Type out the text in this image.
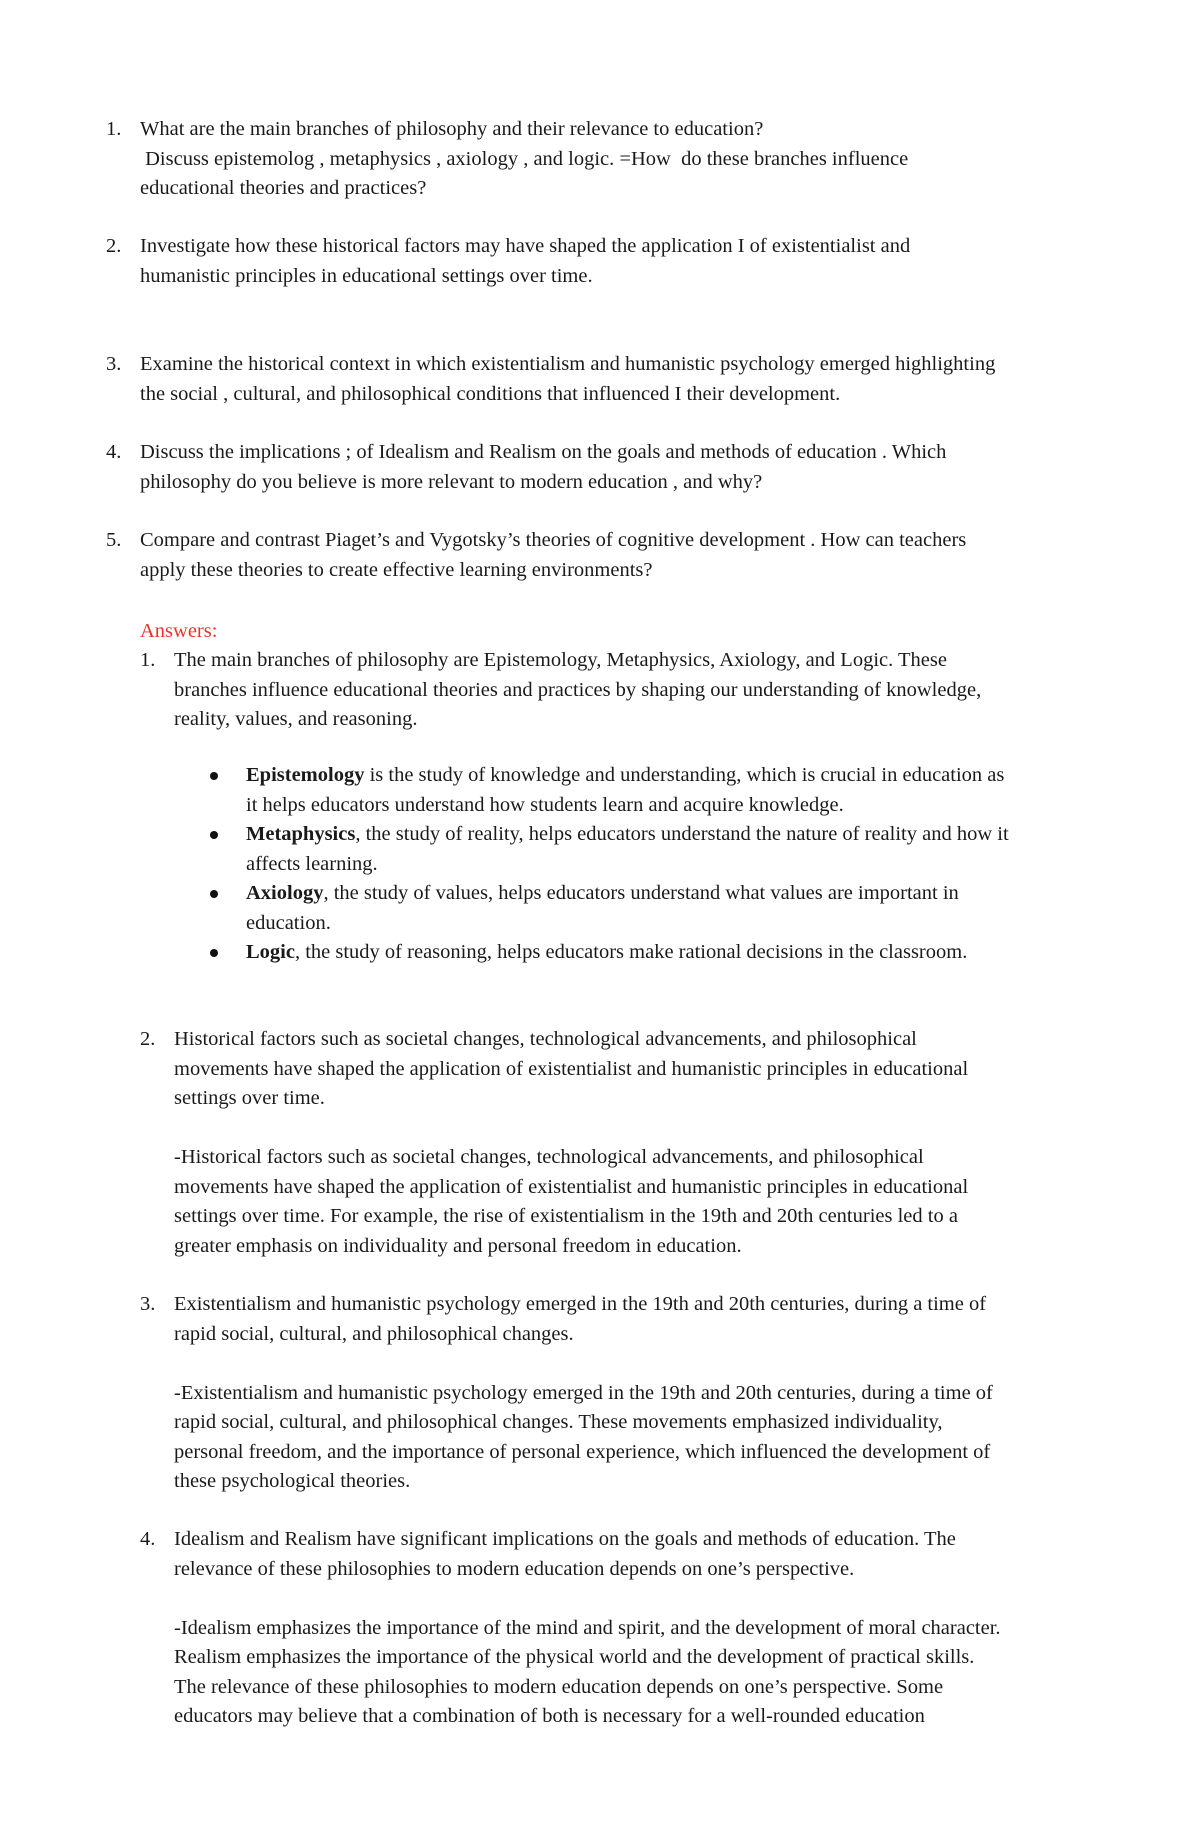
1. What are the main branches of philosophy and their relevance to education?
Discuss epistemolog , metaphysics , axiology , and logic. =How  do these branches influence
educational theories and practices?
2. Investigate how these historical factors may have shaped the application I of existentialist and
humanistic principles in educational settings over time.
3. Examine the historical context in which existentialism and humanistic psychology emerged highlighting
the social , cultural, and philosophical conditions that influenced I their development.
4. Discuss the implications ; of Idealism and Realism on the goals and methods of education . Which
philosophy do you believe is more relevant to modern education , and why?
5. Compare and contrast Piaget’s and Vygotsky’s theories of cognitive development . How can teachers
apply these theories to create effective learning environments?
Answers:
1. The main branches of philosophy are Epistemology, Metaphysics, Axiology, and Logic. These
branches influence educational theories and practices by shaping our understanding of knowledge,
reality, values, and reasoning.
Epistemology is the study of knowledge and understanding, which is crucial in education as
it helps educators understand how students learn and acquire knowledge.
Metaphysics, the study of reality, helps educators understand the nature of reality and how it
affects learning.
Axiology, the study of values, helps educators understand what values are important in
education.
Logic, the study of reasoning, helps educators make rational decisions in the classroom.
2. Historical factors such as societal changes, technological advancements, and philosophical
movements have shaped the application of existentialist and humanistic principles in educational
settings over time.
-Historical factors such as societal changes, technological advancements, and philosophical
movements have shaped the application of existentialist and humanistic principles in educational
settings over time. For example, the rise of existentialism in the 19th and 20th centuries led to a
greater emphasis on individuality and personal freedom in education.
3. Existentialism and humanistic psychology emerged in the 19th and 20th centuries, during a time of
rapid social, cultural, and philosophical changes.
-Existentialism and humanistic psychology emerged in the 19th and 20th centuries, during a time of
rapid social, cultural, and philosophical changes. These movements emphasized individuality,
personal freedom, and the importance of personal experience, which influenced the development of
these psychological theories.
4. Idealism and Realism have significant implications on the goals and methods of education. The
relevance of these philosophies to modern education depends on one’s perspective.
-Idealism emphasizes the importance of the mind and spirit, and the development of moral character.
Realism emphasizes the importance of the physical world and the development of practical skills.
The relevance of these philosophies to modern education depends on one’s perspective. Some
educators may believe that a combination of both is necessary for a well-rounded education
